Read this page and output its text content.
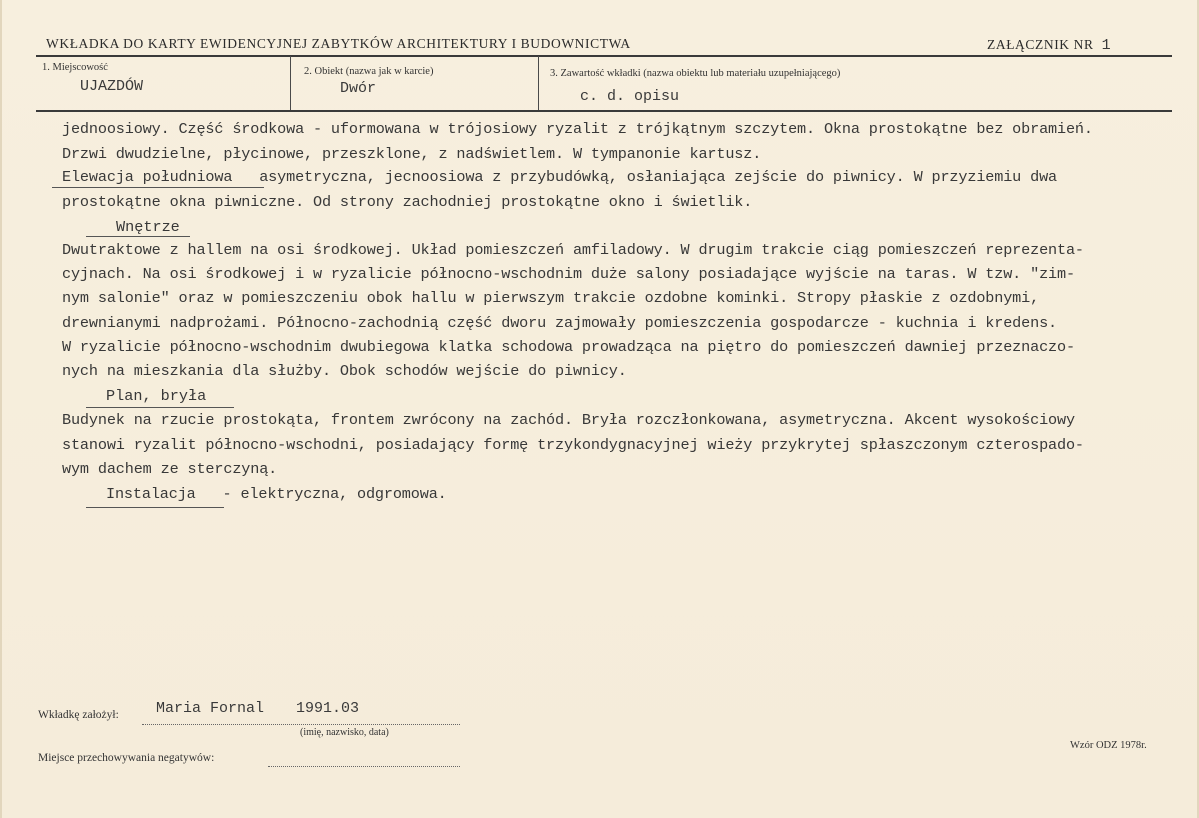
WKŁADKA DO KARTY EWIDENCYJNEJ ZABYTKÓW ARCHITEKTURY I BUDOWNICTWA	ZAŁĄCZNIK NR 1
1. Miejscowość
UJAZDÓW
2. Obiekt (nazwa jak w karcie)
Dwór
3. Zawartość wkładki (nazwa obiektu lub materiału uzupełniającego)
c. d. opisu
jednoosiowy. Część środkowa - uformowana w trójosiowy ryzalit z trójkątnym szczytem. Okna prostokątne bez obramień.
Drzwi dwudzielne, płycinowe, przeszklone, z nadświetlem. W tympanonie kartusz.
Elewacja południowa   asymetryczna, jecnoosiowa z przybudówką, osłaniająca zejście do piwnicy. W przyziemiu dwa
prostokątne okna piwniczne. Od strony zachodniej prostokątne okno i świetlik.
Wnętrze
Dwutraktowe z hallem na osi środkowej. Układ pomieszczeń amfiladowy. W drugim trakcie ciąg pomieszczeń reprezenta-
cyjnach. Na osi środkowej i w ryzalicie północno-wschodnim duże salony posiadające wyjście na taras. W tzw. "zim-
nym salonie" oraz w pomieszczeniu obok hallu w pierwszym trakcie ozdobne kominki. Stropy płaskie z ozdobnymi,
drewnianymi nadprożami. Północno-zachodnią część dworu zajmowały pomieszczenia gospodarcze - kuchnia i kredens.
W ryzalicie północno-wschodnim dwubiegowa klatka schodowa prowadząca na piętro do pomieszczeń dawniej przeznaczo-
nych na mieszkania dla służby. Obok schodów wejście do piwnicy.
Plan, bryła
Budynek na rzucie prostokąta, frontem zwrócony na zachód. Bryła rozczłonkowana, asymetryczna. Akcent wysokościowy
stanowi ryzalit północno-wschodni, posiadający formę trzykondygnacyjnej wieży przykrytej spłaszczonym czterospado-
wym dachem ze sterczyną.
Instalacja   - elektryczna, odgromowa.
Wkładkę założył: Maria Fornal 1991.03
(imię, nazwisko, data)
Miejsce przechowywania negatywów:
Wzór ODZ 1978r.
